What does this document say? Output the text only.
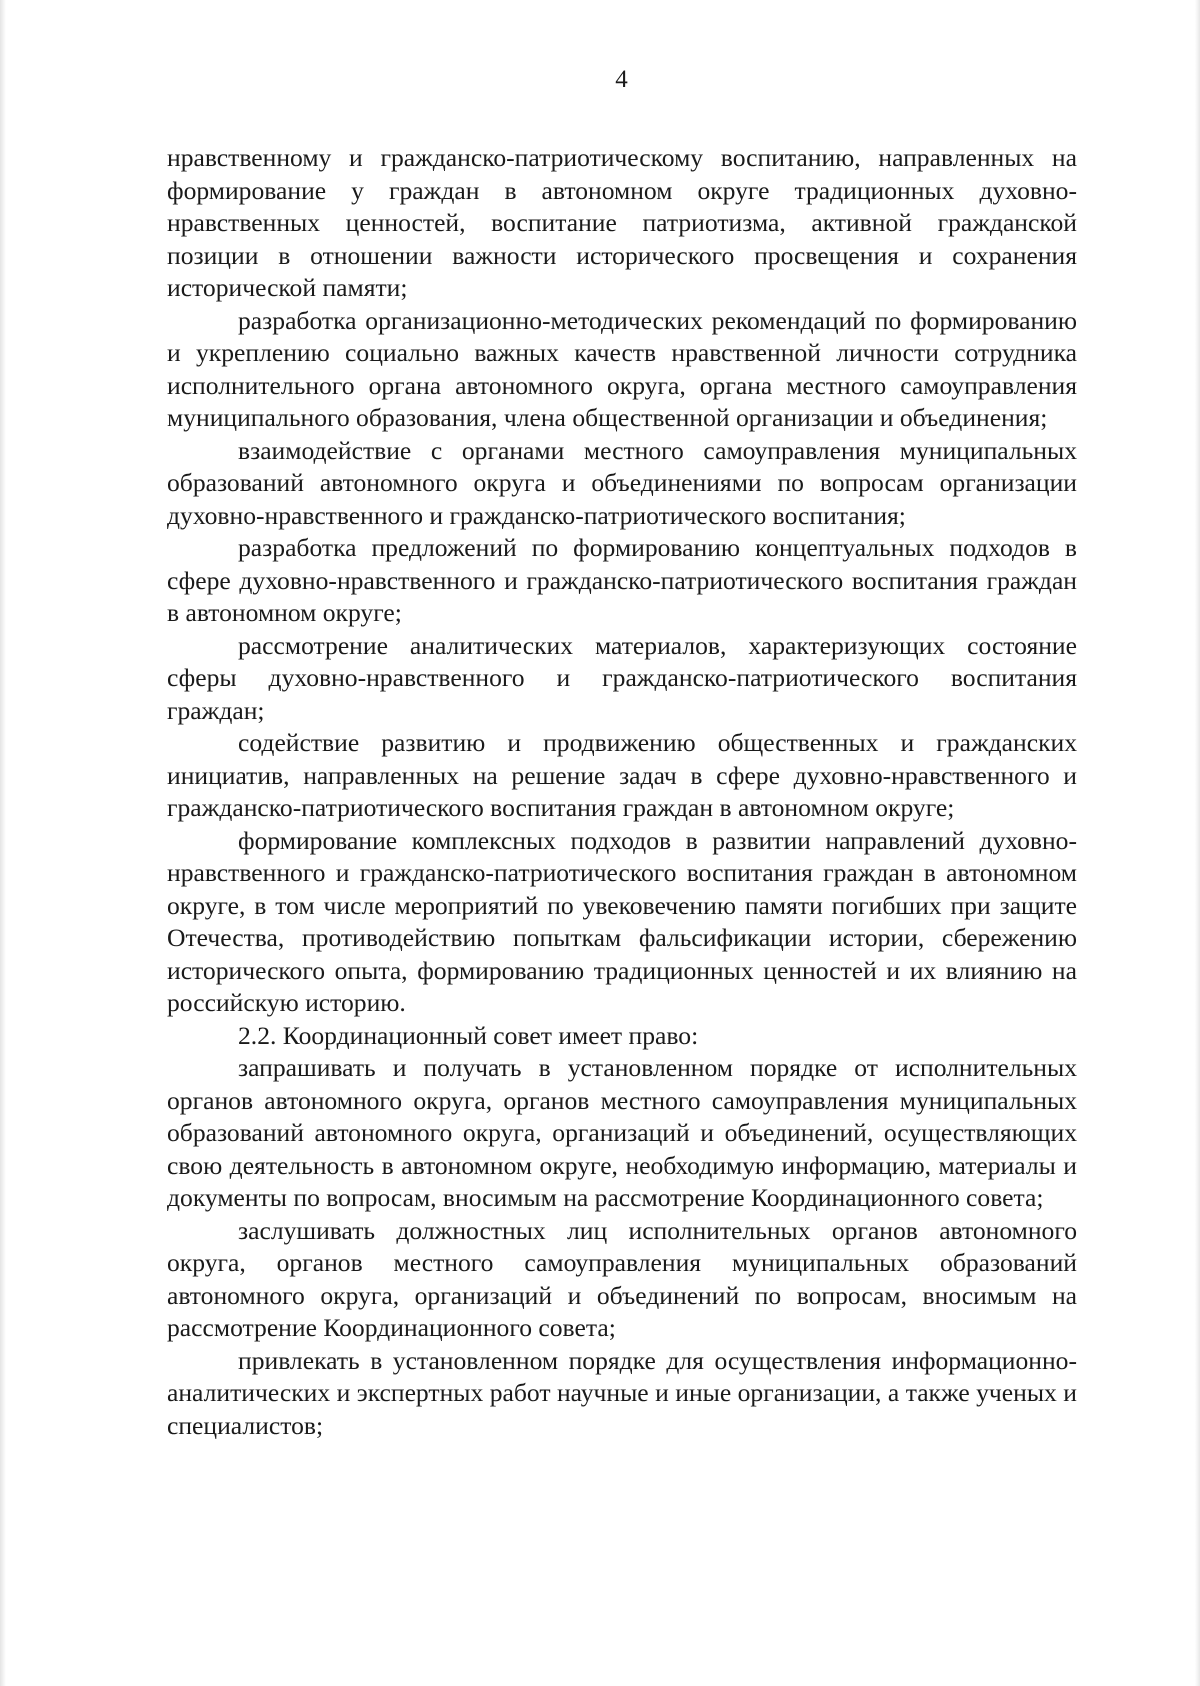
4

нравственному и гражданско-патриотическому воспитанию, направленных на формирование у граждан в автономном округе традиционных духовно-нравственных ценностей, воспитание патриотизма, активной гражданской позиции в отношении важности исторического просвещения и сохранения исторической памяти;

разработка организационно-методических рекомендаций по формированию и укреплению социально важных качеств нравственной личности сотрудника исполнительного органа автономного округа, органа местного самоуправления муниципального образования, члена общественной организации и объединения;

взаимодействие с органами местного самоуправления муниципальных образований автономного округа и объединениями по вопросам организации духовно-нравственного и гражданско-патриотического воспитания;

разработка предложений по формированию концептуальных подходов в сфере духовно-нравственного и гражданско-патриотического воспитания граждан в автономном округе;

рассмотрение аналитических материалов, характеризующих состояние сферы духовно-нравственного и гражданско-патриотического воспитания граждан;

содействие развитию и продвижению общественных и гражданских инициатив, направленных на решение задач в сфере духовно-нравственного и гражданско-патриотического воспитания граждан в автономном округе;

формирование комплексных подходов в развитии направлений духовно-нравственного и гражданско-патриотического воспитания граждан в автономном округе, в том числе мероприятий по увековечению памяти погибших при защите Отечества, противодействию попыткам фальсификации истории, сбережению исторического опыта, формированию традиционных ценностей и их влиянию на российскую историю.

2.2. Координационный совет имеет право:

запрашивать и получать в установленном порядке от исполнительных органов автономного округа, органов местного самоуправления муниципальных образований автономного округа, организаций и объединений, осуществляющих свою деятельность в автономном округе, необходимую информацию, материалы и документы по вопросам, вносимым на рассмотрение Координационного совета;

заслушивать должностных лиц исполнительных органов автономного округа, органов местного самоуправления муниципальных образований автономного округа, организаций и объединений по вопросам, вносимым на рассмотрение Координационного совета;

привлекать в установленном порядке для осуществления информационно-аналитических и экспертных работ научные и иные организации, а также ученых и специалистов;
